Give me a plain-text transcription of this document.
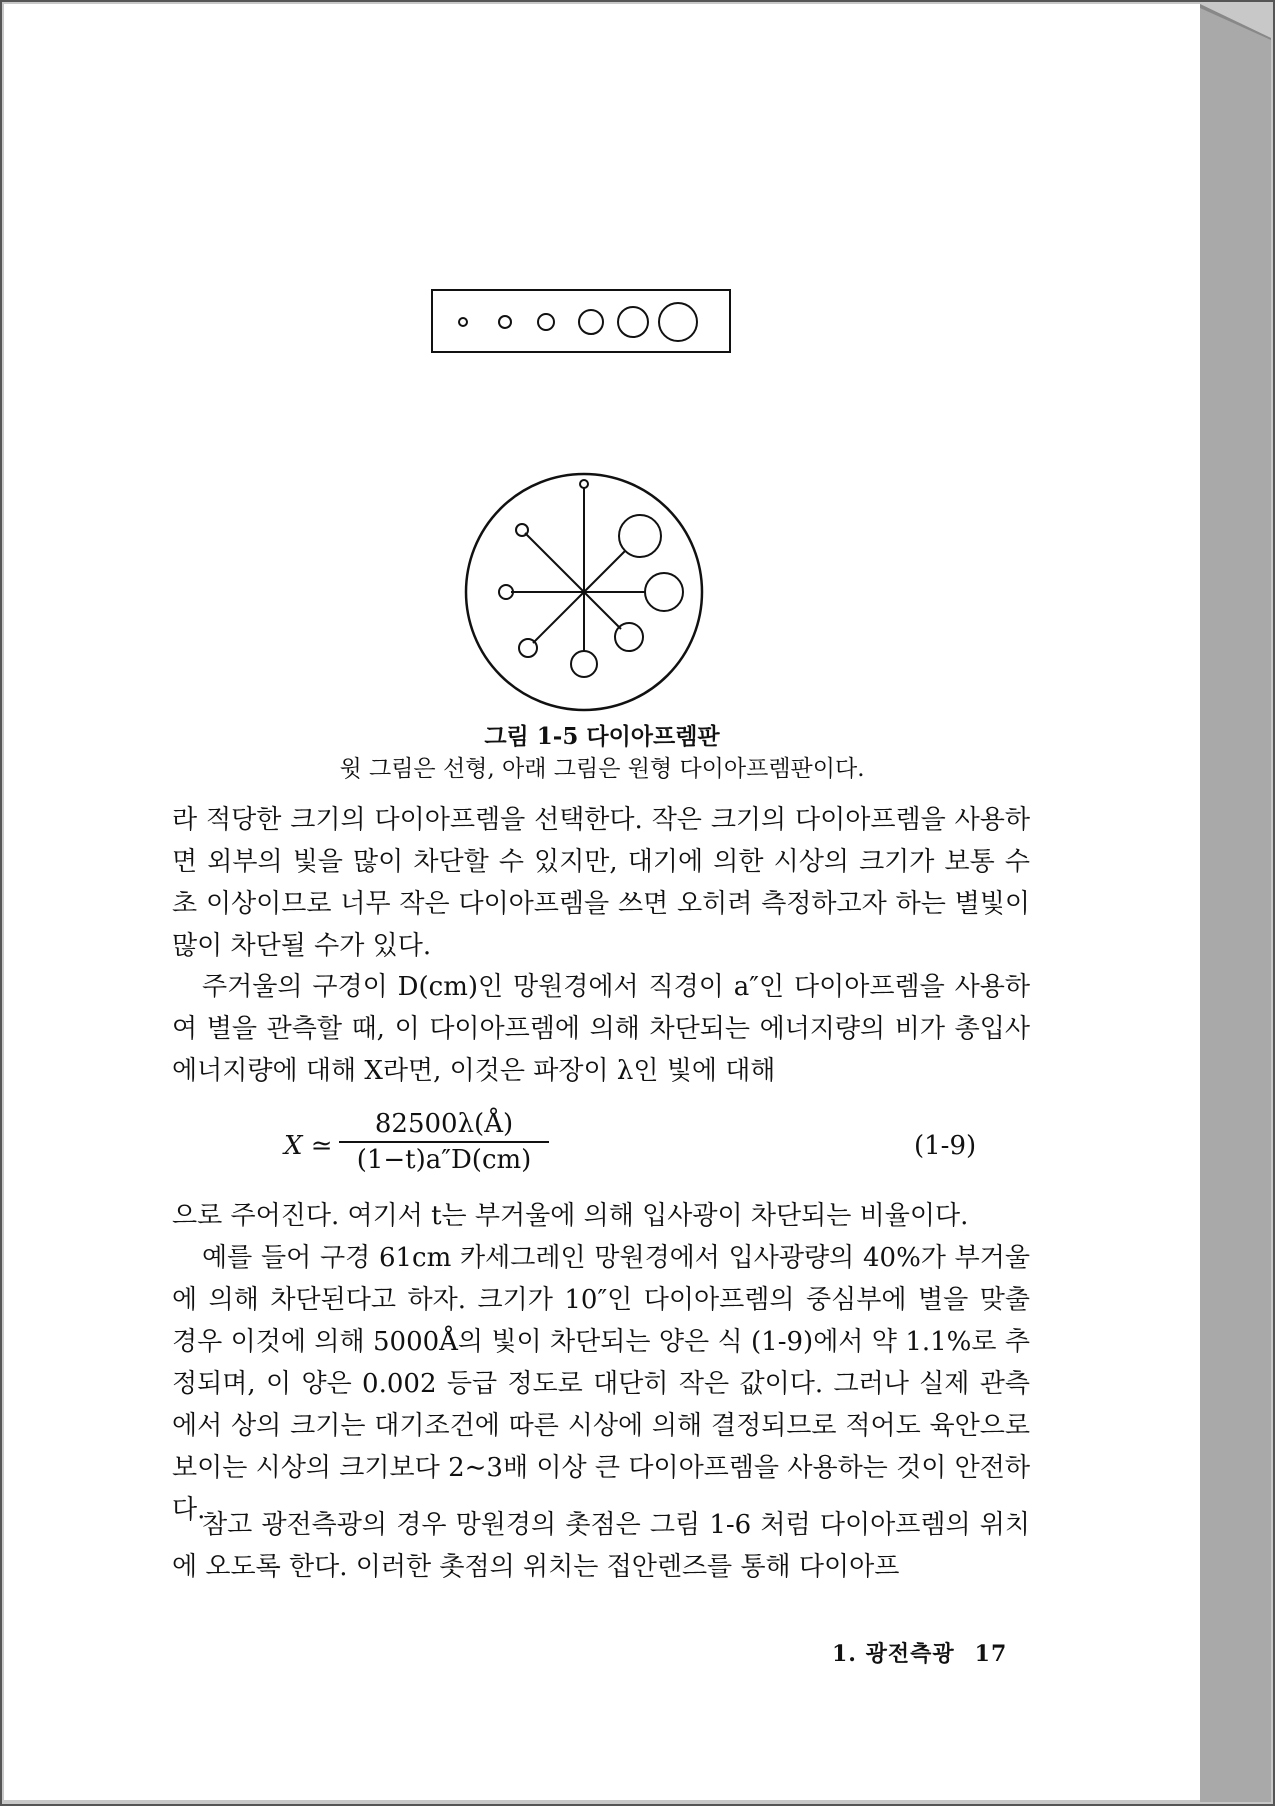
그림 1-5 다이아프렘판
윗 그림은 선형, 아래 그림은 원형 다이아프렘판이다.

라 적당한 크기의 다이아프렘을 선택한다. 작은 크기의 다이아프렘을 사용하면 외부의 빛을 많이 차단할 수 있지만, 대기에 의한 시상의 크기가 보통 수초 이상이므로 너무 작은 다이아프렘을 쓰면 오히려 측정하고자 하는 별빛이 많이 차단될 수가 있다.

주거울의 구경이 D(cm)인 망원경에서 직경이 a″인 다이아프렘을 사용하여 별을 관측할 때, 이 다이아프렘에 의해 차단되는 에너지량의 비가 총입사에너지량에 대해 X라면, 이것은 파장이 λ인 빛에 대해

X ≃ $\frac{82500\lambda(Å)}{(1-t)a''D(cm)}$	(1-9)

으로 주어진다. 여기서 t는 부거울에 의해 입사광이 차단되는 비율이다.

예를 들어 구경 61cm 카세그레인 망원경에서 입사광량의 40%가 부거울에 의해 차단된다고 하자. 크기가 10″인 다이아프렘의 중심부에 별을 맞출 경우 이것에 의해 5000Å의 빛이 차단되는 양은 식 (1-9)에서 약 1.1%로 추정되며, 이 양은 0.002 등급 정도로 대단히 작은 값이다. 그러나 실제 관측에서 상의 크기는 대기조건에 따른 시상에 의해 결정되므로 적어도 육안으로 보이는 시상의 크기보다 2∼3배 이상 큰 다이아프렘을 사용하는 것이 안전하다.

참고 광전측광의 경우 망원경의 촛점은 그림 1-6 처럼 다이아프렘의 위치에 오도록 한다. 이러한 촛점의 위치는 접안렌즈를 통해 다이아프

1. 광전측광 17
